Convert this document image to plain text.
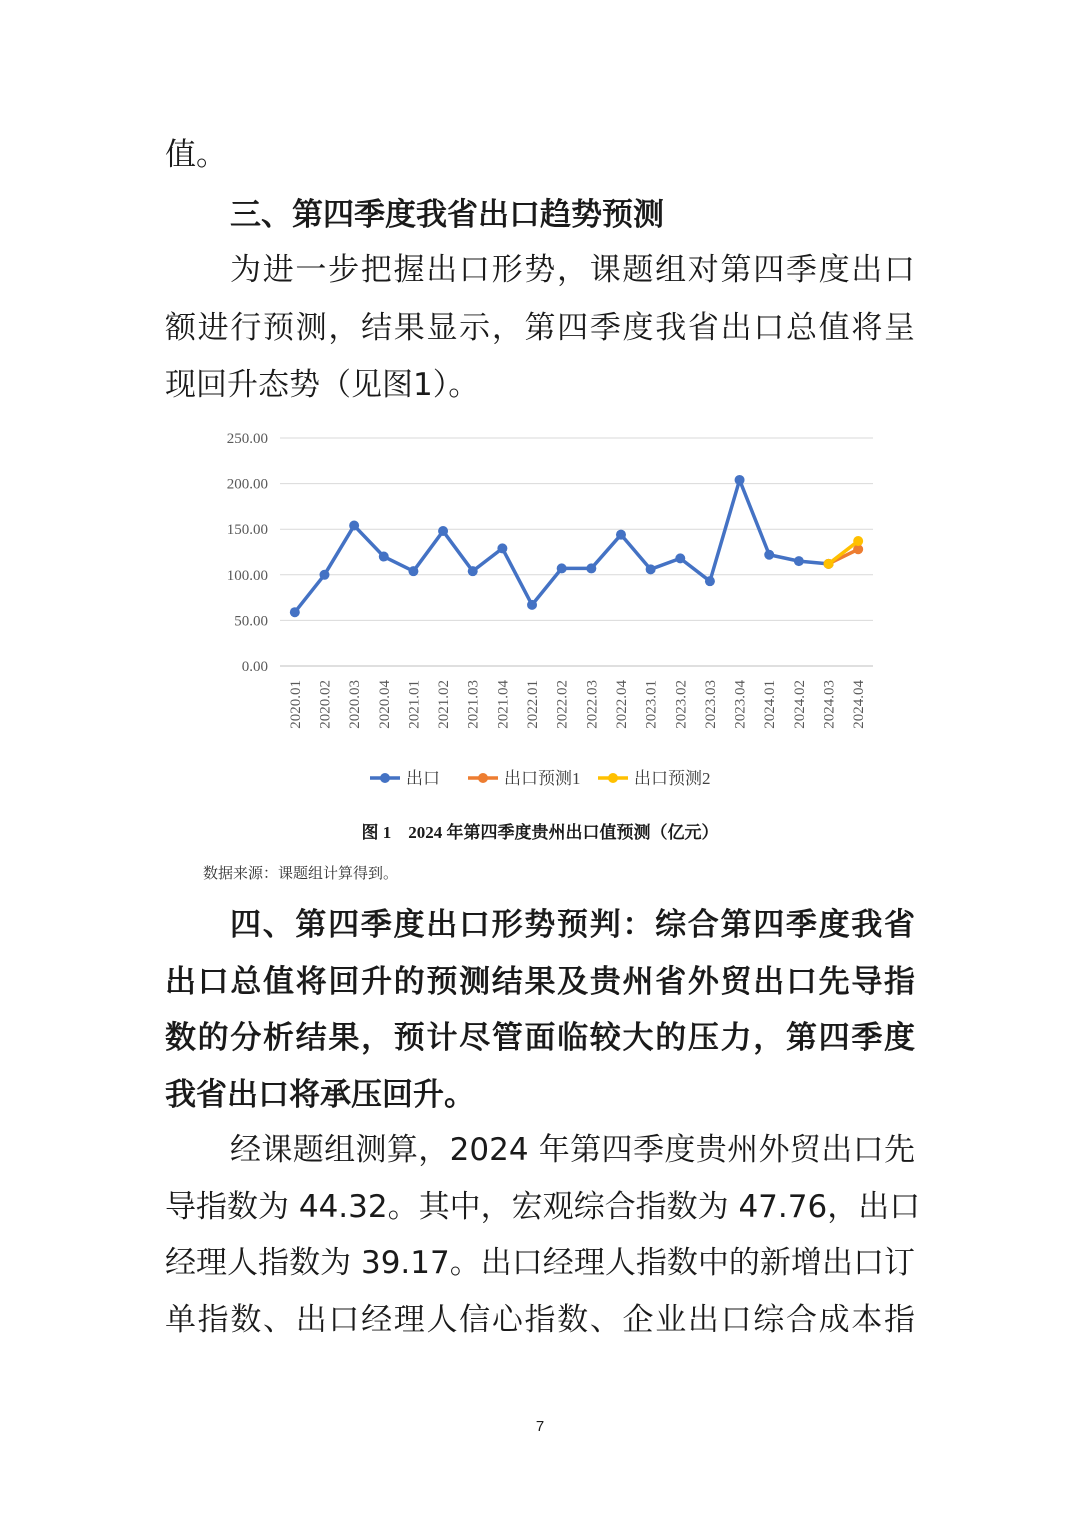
值。
三、第四季度我省出口趋势预测
为进一步把握出口形势，课题组对第四季度出口
额进行预测，结果显示，第四季度我省出口总值将呈
现回升态势（见图1）。
0.00
50.00
100.00
150.00
200.00
250.00
2020.01 2020.02 2020.03 2020.04 2021.01 2021.02 2021.03 2021.04 2022.01 2022.02 2022.03 2022.04 2023.01 2023.02 2023.03 2023.04 2024.01 2024.02 2024.03 2024.04
出口	出口预测1	出口预测2
图 1　2024 年第四季度贵州出口值预测（亿元）
数据来源：课题组计算得到。
四、第四季度出口形势预判：综合第四季度我省
出口总值将回升的预测结果及贵州省外贸出口先导指
数的分析结果，预计尽管面临较大的压力，第四季度
我省出口将承压回升。
经课题组测算，2024 年第四季度贵州外贸出口先
导指数为 44.32。其中，宏观综合指数为 47.76，出口
经理人指数为 39.17。出口经理人指数中的新增出口订
单指数、出口经理人信心指数、企业出口综合成本指
7
